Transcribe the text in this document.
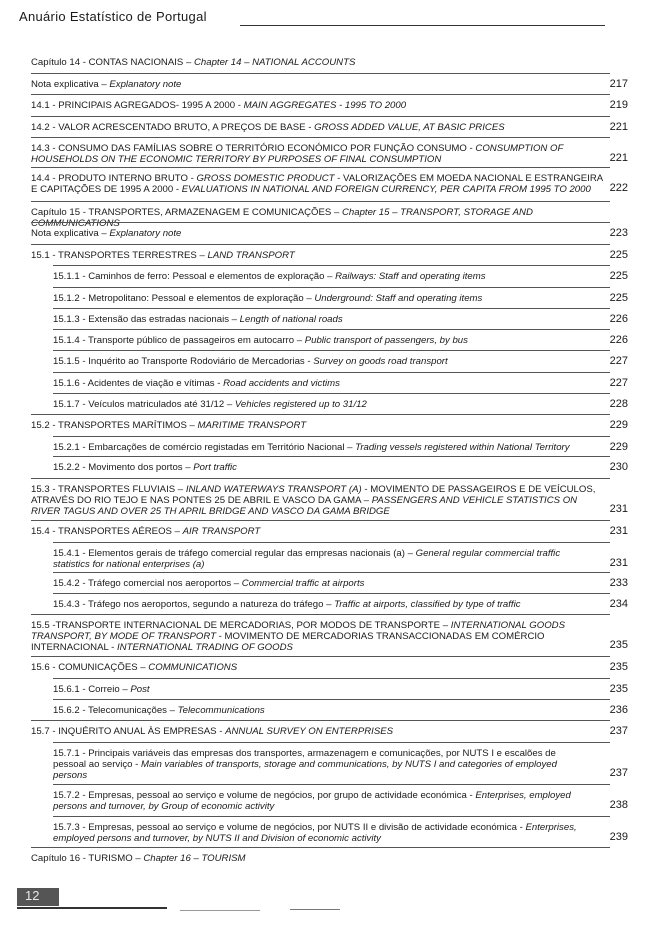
Anuário Estatístico de Portugal
Capítulo 14 - CONTAS NACIONAIS – Chapter 14 – NATIONAL ACCOUNTS
Nota explicativa – Explanatory note	217
14.1 - PRINCIPAIS AGREGADOS- 1995 A 2000 - MAIN AGGREGATES - 1995 TO 2000	219
14.2 - VALOR ACRESCENTADO BRUTO, A PREÇOS DE BASE - GROSS ADDED VALUE, AT BASIC PRICES	221
14.3 - CONSUMO DAS FAMÍLIAS SOBRE O TERRITÓRIO ECONÓMICO POR FUNÇÃO CONSUMO - CONSUMPTION OF HOUSEHOLDS ON THE ECONOMIC TERRITORY BY PURPOSES OF FINAL CONSUMPTION	221
14.4 - PRODUTO INTERNO BRUTO - GROSS DOMESTIC PRODUCT - VALORIZAÇÕES EM MOEDA NACIONAL E ESTRANGEIRA E CAPITAÇÕES DE 1995 A 2000 - EVALUATIONS IN NATIONAL AND FOREIGN CURRENCY, PER CAPITA FROM 1995 TO 2000	222
Capítulo 15 - TRANSPORTES, ARMAZENAGEM E COMUNICAÇÕES – Chapter 15 – TRANSPORT, STORAGE AND COMMUNICATIONS
Nota explicativa – Explanatory note	223
15.1 - TRANSPORTES TERRESTRES – LAND TRANSPORT	225
15.1.1 - Caminhos de ferro: Pessoal e elementos de exploração – Railways: Staff and operating items	225
15.1.2 - Metropolitano: Pessoal e elementos de exploração – Underground: Staff and operating items	225
15.1.3 - Extensão das estradas nacionais – Length of national roads	226
15.1.4 - Transporte público de passageiros em autocarro – Public transport of passengers, by bus	226
15.1.5 - Inquérito ao Transporte Rodoviário de Mercadorias - Survey on goods road transport	227
15.1.6 - Acidentes de viação e vítimas - Road accidents and victims	227
15.1.7 - Veículos matriculados até 31/12 – Vehicles registered up to 31/12	228
15.2 - TRANSPORTES MARÍTIMOS – MARITIME TRANSPORT	229
15.2.1 - Embarcações de comércio registadas em Território Nacional – Trading vessels registered within National Territory	229
15.2.2 - Movimento dos portos – Port traffic	230
15.3 - TRANSPORTES FLUVIAIS – INLAND WATERWAYS TRANSPORT (A) - MOVIMENTO DE PASSAGEIROS E DE VEÍCULOS, ATRAVÉS DO RIO TEJO E NAS PONTES 25 DE ABRIL E VASCO DA GAMA – PASSENGERS AND VEHICLE STATISTICS ON RIVER TAGUS AND OVER 25 TH APRIL BRIDGE AND VASCO DA GAMA BRIDGE	231
15.4 - TRANSPORTES AÉREOS – AIR TRANSPORT	231
15.4.1 - Elementos gerais de tráfego comercial regular das empresas nacionais (a) – General regular commercial traffic statistics for national enterprises (a)	231
15.4.2 - Tráfego comercial nos aeroportos – Commercial traffic at airports	233
15.4.3 - Tráfego nos aeroportos, segundo a natureza do tráfego – Traffic at airports, classified by type of traffic	234
15.5 -TRANSPORTE INTERNACIONAL DE MERCADORIAS, POR MODOS DE TRANSPORTE – INTERNATIONAL GOODS TRANSPORT, BY MODE OF TRANSPORT - MOVIMENTO DE MERCADORIAS TRANSACCIONADAS EM COMÉRCIO INTERNACIONAL - INTERNATIONAL TRADING OF GOODS	235
15.6 - COMUNICAÇÕES – COMMUNICATIONS	235
15.6.1 - Correio – Post	235
15.6.2 - Telecomunicações – Telecommunications	236
15.7 - INQUÉRITO ANUAL ÀS EMPRESAS - ANNUAL SURVEY ON ENTERPRISES	237
15.7.1 - Principais variáveis das empresas dos transportes, armazenagem e comunicações, por NUTS I e escalões de pessoal ao serviço - Main variables of transports, storage and communications, by NUTS I and categories of employed persons	237
15.7.2 - Empresas, pessoal ao serviço e volume de negócios, por grupo de actividade económica - Enterprises, employed persons and turnover, by Group of economic activity	238
15.7.3 - Empresas, pessoal ao serviço e volume de negócios, por NUTS II e divisão de actividade económica - Enterprises, employed persons and turnover, by NUTS II and Division of economic activity	239
Capítulo 16 - TURISMO – Chapter 16 – TOURISM
12
